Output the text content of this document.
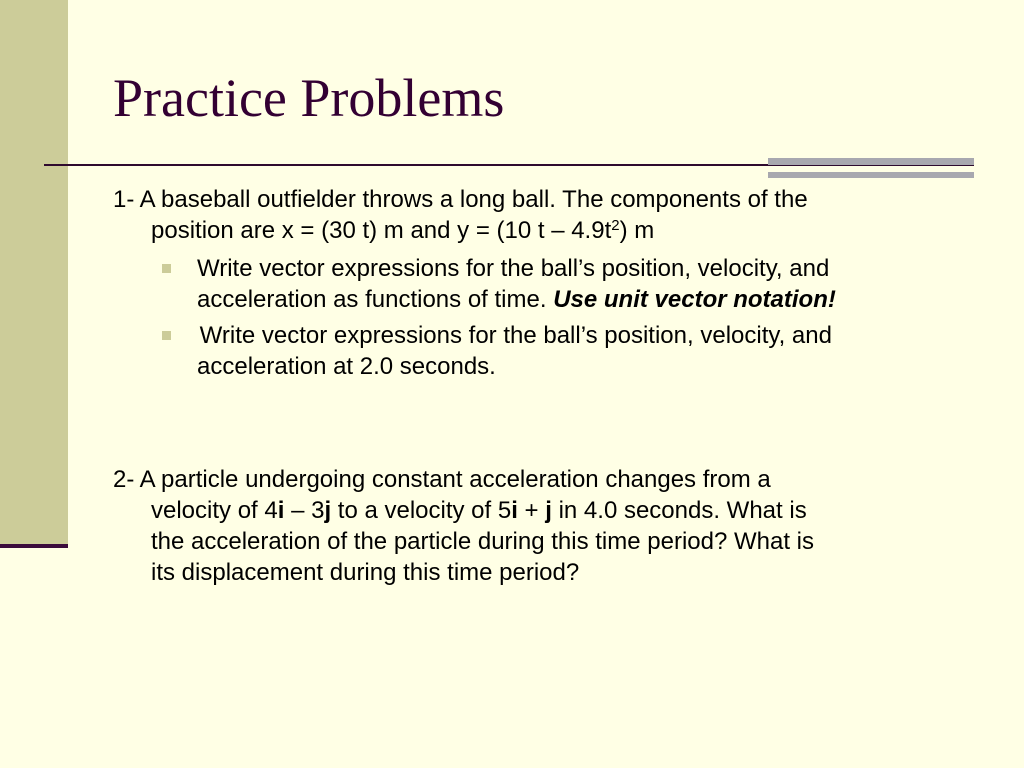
Practice Problems
1- A baseball outfielder throws a long ball. The components of the
position are x = (30 t) m and y = (10 t – $4.9t^2$) m
Write vector expressions for the ball’s position, velocity, and
acceleration as functions of time. Use unit vector notation!
Write vector expressions for the ball’s position, velocity, and
acceleration at 2.0 seconds.
2- A particle undergoing constant acceleration changes from a
velocity of 4i – 3j to a velocity of 5i + j in 4.0 seconds. What is
the acceleration of the particle during this time period? What is
its displacement during this time period?
